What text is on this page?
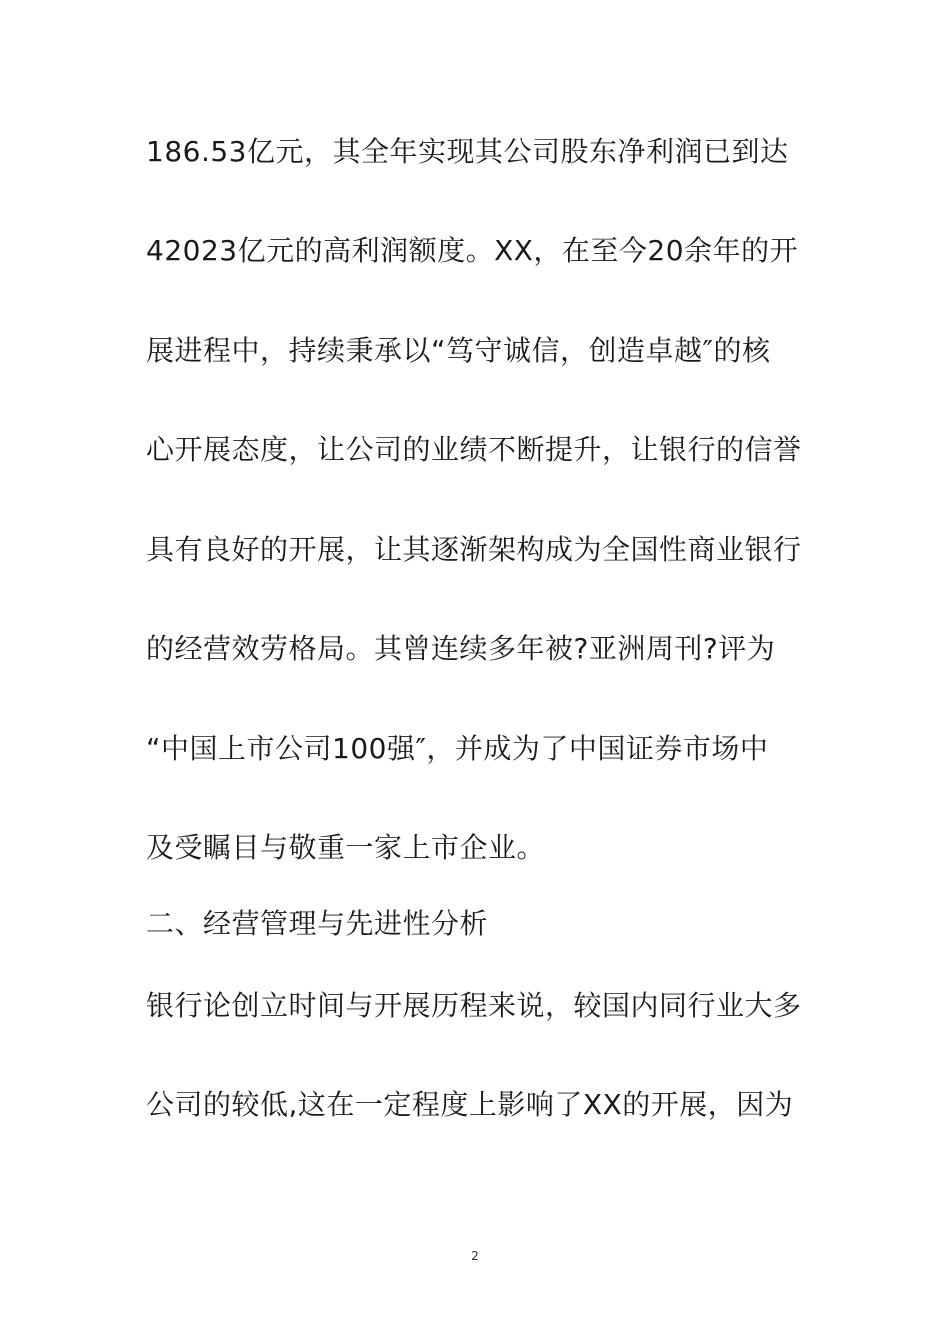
186.53亿元，其全年实现其公司股东净利润已到达
42023亿元的高利润额度。XX，在至今20余年的开
展进程中，持续秉承以“笃守诚信，创造卓越″的核
心开展态度，让公司的业绩不断提升，让银行的信誉
具有良好的开展，让其逐渐架构成为全国性商业银行
的经营效劳格局。其曾连续多年被?亚洲周刊?评为
“中国上市公司100强″，并成为了中国证券市场中
及受瞩目与敬重一家上市企业。
二、经营管理与先进性分析
银行论创立时间与开展历程来说，较国内同行业大多
公司的较低,这在一定程度上影响了XX的开展，因为
2
